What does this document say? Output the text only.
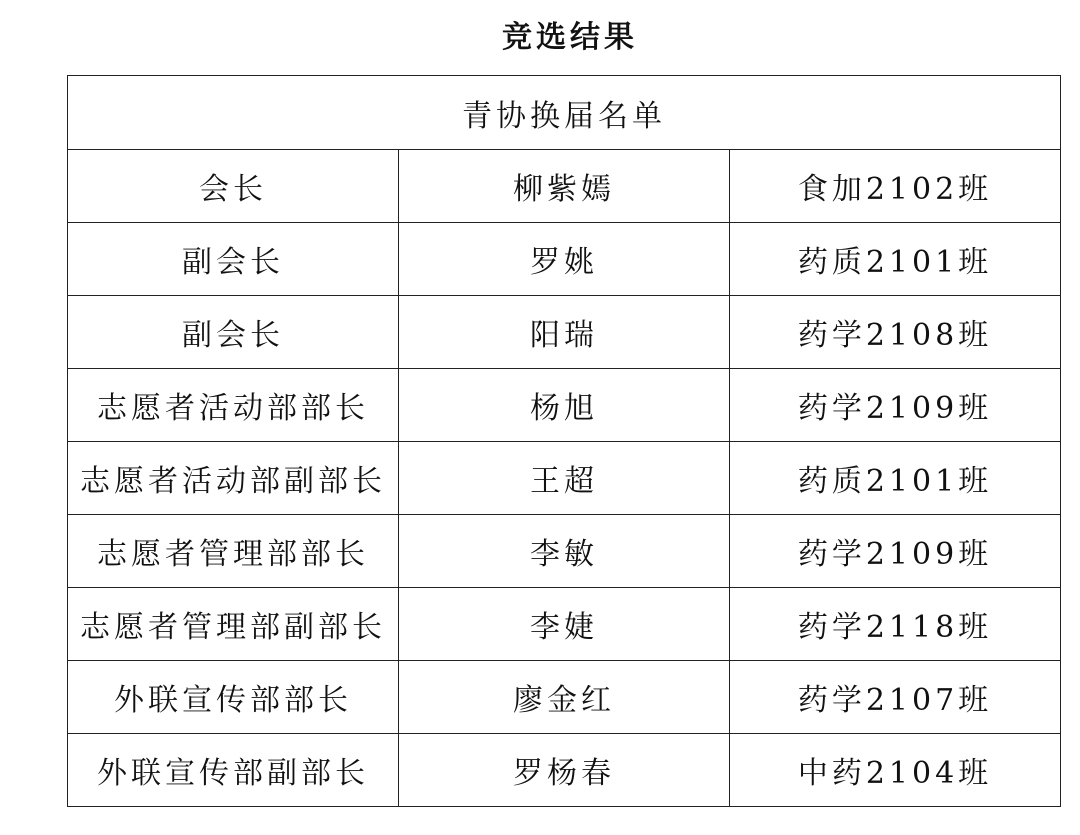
竞选结果
青协换届名单		
会长	柳紫嫣	食加2102班
副会长	罗姚	药质2101班
副会长	阳瑞	药学2108班
志愿者活动部部长	杨旭	药学2109班
志愿者活动部副部长	王超	药质2101班
志愿者管理部部长	李敏	药学2109班
志愿者管理部副部长	李婕	药学2118班
外联宣传部部长	廖金红	药学2107班
外联宣传部副部长	罗杨春	中药2104班
